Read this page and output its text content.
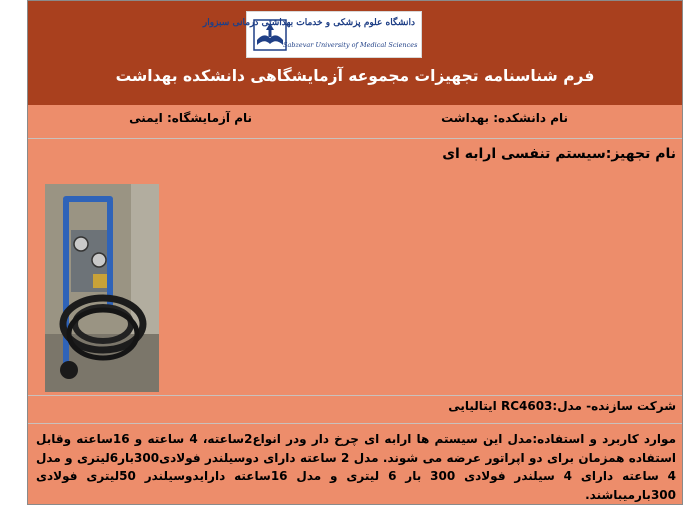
دانشگاه علوم پزشکی و خدمات بهداشتی درمانی سبزوار
Sabzevar University of Medical Sciences
فرم شناسنامه تجهیزات مجموعه آزمایشگاهی دانشکده بهداشت
نام دانشکده: بهداشت
نام آزمایشگاه: ایمنی
نام تجهیز:سیستم تنفسی ارابه ای
شرکت سازنده- مدل:RC4603 ایتالیایی
موارد کاربرد و استفاده:مدل این سیستم ها ارابه ای چرخ دار ودر انواع2ساعته، 4 ساعته و 16ساعته وقابل استفاده همزمان برای دو اپراتور عرضه می شوند. مدل 2 ساعته دارای دوسیلندر فولادی300بار6لیتری و مدل 4 ساعته دارای 4 سیلندر فولادی 300 بار 6 لیتری و مدل 16ساعته دارایدوسیلندر 50لیتری فولادی 300بارمیباشند.
